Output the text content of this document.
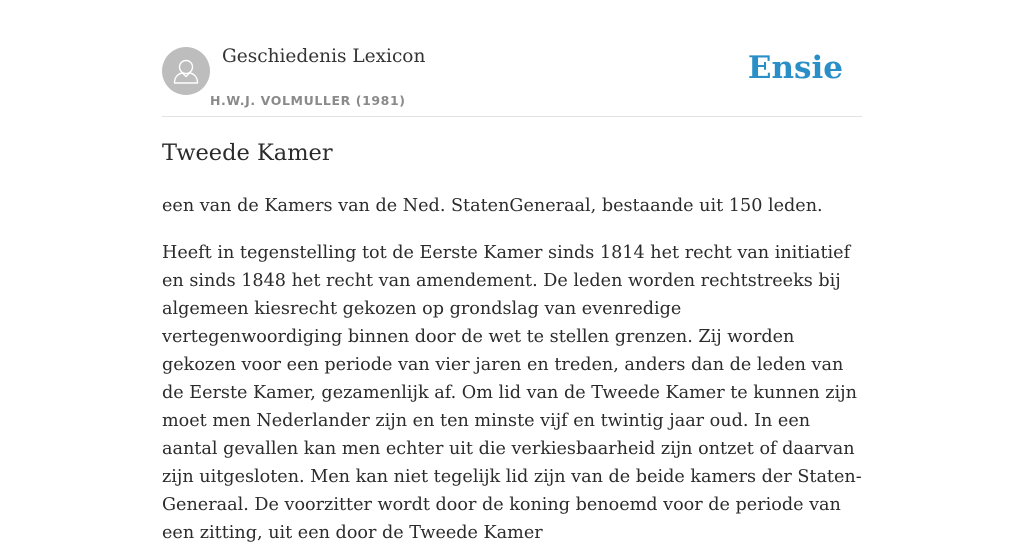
Geschiedenis Lexicon
H.W.J. VOLMULLER (1981)
Ensie
Tweede Kamer

een van de Kamers van de Ned. StatenGeneraal, bestaande uit 150 leden.

Heeft in tegenstelling tot de Eerste Kamer sinds 1814 het recht van initiatief en sinds 1848 het recht van amendement. De leden worden rechtstreeks bij algemeen kiesrecht gekozen op grondslag van evenredige vertegenwoordiging binnen door de wet te stellen grenzen. Zij worden gekozen voor een periode van vier jaren en treden, anders dan de leden van de Eerste Kamer, gezamenlijk af. Om lid van de Tweede Kamer te kunnen zijn moet men Nederlander zijn en ten minste vijf en twintig jaar oud. In een aantal gevallen kan men echter uit die verkiesbaarheid zijn ontzet of daarvan zijn uitgesloten. Men kan niet tegelijk lid zijn van de beide kamers der Staten-Generaal. De voorzitter wordt door de koning benoemd voor de periode van een zitting, uit een door de Tweede Kamer
